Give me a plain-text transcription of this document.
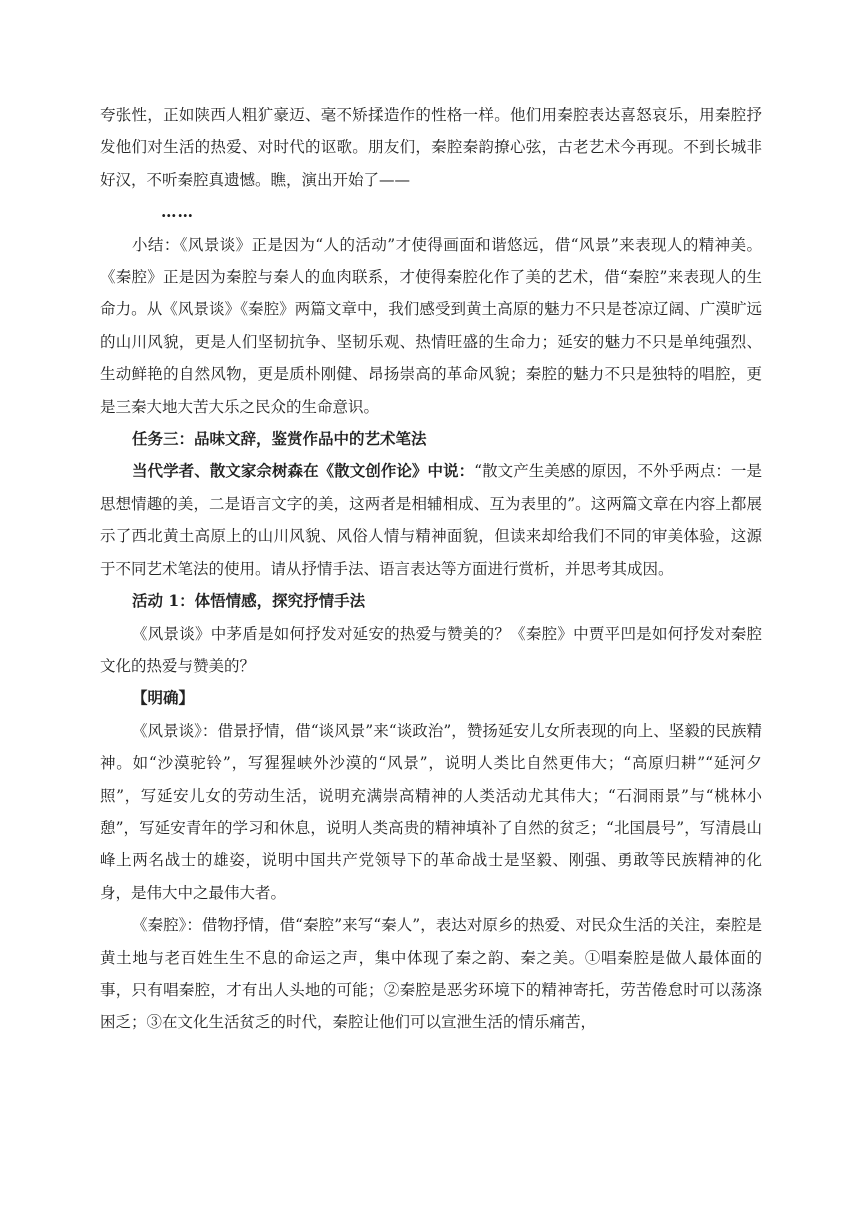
夸张性，正如陕西人粗犷豪迈、毫不矫揉造作的性格一样。他们用秦腔表达喜怒哀乐，用秦腔抒发他们对生活的热爱、对时代的讴歌。朋友们，秦腔秦韵撩心弦，古老艺术今再现。不到长城非好汉，不听秦腔真遗憾。瞧，演出开始了——

……

小结：《风景谈》正是因为“人的活动”才使得画面和谐悠远，借“风景”来表现人的精神美。《秦腔》正是因为秦腔与秦人的血肉联系，才使得秦腔化作了美的艺术，借“秦腔”来表现人的生命力。从《风景谈》《秦腔》两篇文章中，我们感受到黄土高原的魅力不只是苍凉辽阔、广漠旷远的山川风貌，更是人们坚韧抗争、坚韧乐观、热情旺盛的生命力；延安的魅力不只是单纯强烈、生动鲜艳的自然风物，更是质朴刚健、昂扬崇高的革命风貌；秦腔的魅力不只是独特的唱腔，更是三秦大地大苦大乐之民众的生命意识。

任务三：品味文辞，鉴赏作品中的艺术笔法

当代学者、散文家佘树森在《散文创作论》中说：“散文产生美感的原因，不外乎两点：一是思想情趣的美，二是语言文字的美，这两者是相辅相成、互为表里的”。这两篇文章在内容上都展示了西北黄土高原上的山川风貌、风俗人情与精神面貌，但读来却给我们不同的审美体验，这源于不同艺术笔法的使用。请从抒情手法、语言表达等方面进行赏析，并思考其成因。

活动 1：体悟情感，探究抒情手法

《风景谈》中茅盾是如何抒发对延安的热爱与赞美的？《秦腔》中贾平凹是如何抒发对秦腔文化的热爱与赞美的？

【明确】

《风景谈》：借景抒情，借“谈风景”来“谈政治”，赞扬延安儿女所表现的向上、坚毅的民族精神。如“沙漠驼铃”，写猩猩峡外沙漠的“风景”，说明人类比自然更伟大；“高原归耕”“延河夕照”，写延安儿女的劳动生活，说明充满崇高精神的人类活动尤其伟大；“石洞雨景”与“桃林小憩”，写延安青年的学习和休息，说明人类高贵的精神填补了自然的贫乏；“北国晨号”，写清晨山峰上两名战士的雄姿，说明中国共产党领导下的革命战士是坚毅、刚强、勇敢等民族精神的化身，是伟大中之最伟大者。

《秦腔》：借物抒情，借“秦腔”来写“秦人”，表达对原乡的热爱、对民众生活的关注，秦腔是黄土地与老百姓生生不息的命运之声，集中体现了秦之韵、秦之美。①唱秦腔是做人最体面的事，只有唱秦腔，才有出人头地的可能；②秦腔是恶劣环境下的精神寄托，劳苦倦怠时可以荡涤困乏；③在文化生活贫乏的时代，秦腔让他们可以宣泄生活的情乐痛苦，
